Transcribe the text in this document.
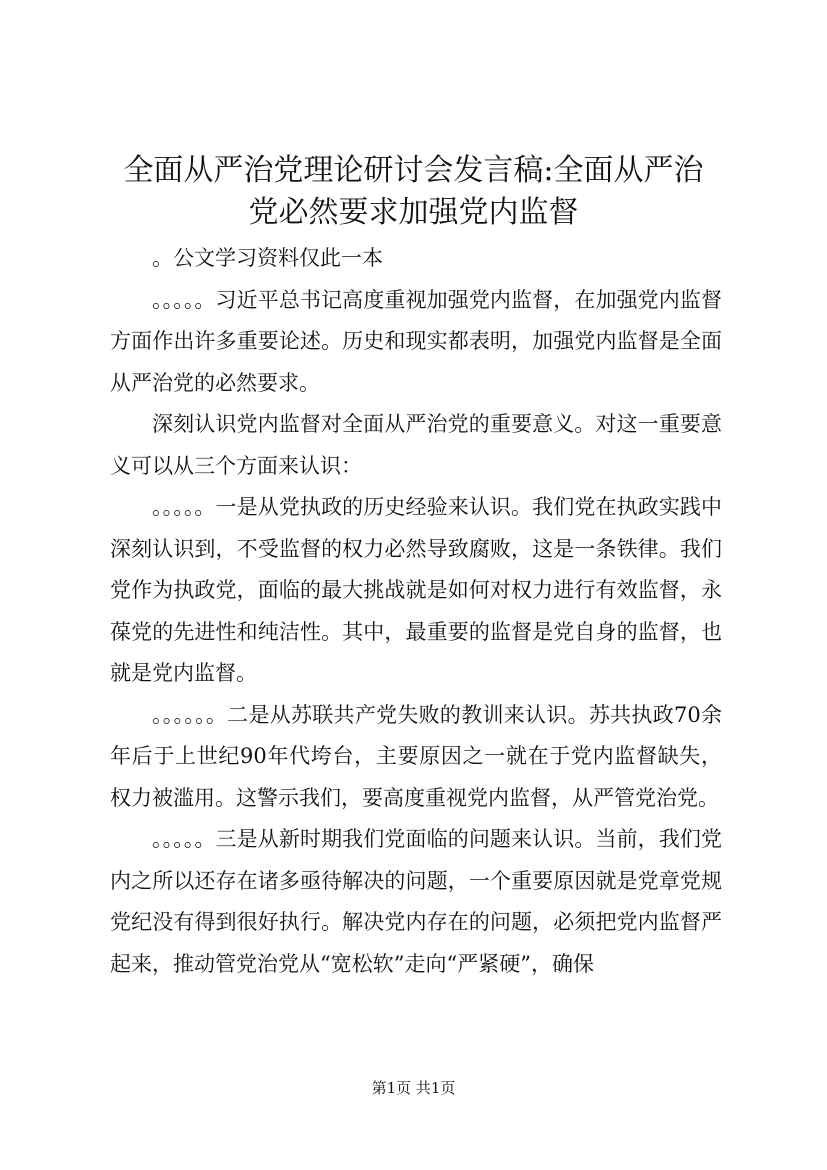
全面从严治党理论研讨会发言稿:全面从严治
党必然要求加强党内监督

。公文学习资料仅此一本

。。。。。习近平总书记高度重视加强党内监督，在加强党内监督方面作出许多重要论述。历史和现实都表明，加强党内监督是全面从严治党的必然要求。

深刻认识党内监督对全面从严治党的重要意义。对这一重要意义可以从三个方面来认识：

。。。。。一是从党执政的历史经验来认识。我们党在执政实践中深刻认识到，不受监督的权力必然导致腐败，这是一条铁律。我们党作为执政党，面临的最大挑战就是如何对权力进行有效监督，永葆党的先进性和纯洁性。其中，最重要的监督是党自身的监督，也就是党内监督。

。。。。。。二是从苏联共产党失败的教训来认识。苏共执政70余年后于上世纪90年代垮台，主要原因之一就在于党内监督缺失，权力被滥用。这警示我们，要高度重视党内监督，从严管党治党。

。。。。。三是从新时期我们党面临的问题来认识。当前，我们党内之所以还存在诸多亟待解决的问题，一个重要原因就是党章党规党纪没有得到很好执行。解决党内存在的问题，必须把党内监督严起来，推动管党治党从“宽松软”走向“严紧硬”，确保

第1页 共1页
